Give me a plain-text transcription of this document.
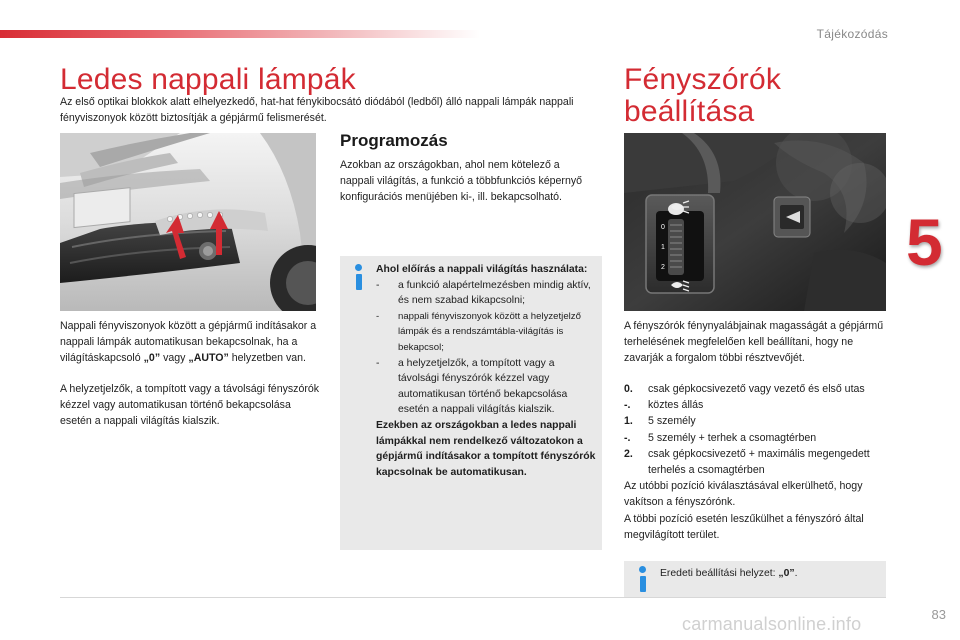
Tájékozódás
5
Ledes nappali lámpák

Az első optikai blokkok alatt elhelyezkedő, hat-hat fénykibocsátó diódából (ledből) álló nappali lámpák nappali fényviszonyok között biztosítják a gépjármű felismerését.

Nappali fényviszonyok között a gépjármű indításakor a nappali lámpák automatikusan bekapcsolnak, ha a világításkapcsoló „0” vagy „AUTO” helyzetben van.

A helyzetjelzők, a tompított vagy a távolsági fényszórók kézzel vagy automatikusan történő bekapcsolása esetén a nappali világítás kialszik.

Programozás

Azokban az országokban, ahol nem kötelező a nappali világítás, a funkció a többfunkciós képernyő konfigurációs menüjében ki-, ill. bekapcsolható.

Ahol előírás a nappali világítás használata:
- a funkció alapértelmezésben mindig aktív, és nem szabad kikapcsolni;
- nappali fényviszonyok között a helyzetjelző lámpák és a rendszámtábla-világítás is bekapcsol;
- a helyzetjelzők, a tompított vagy a távolsági fényszórók kézzel vagy automatikusan történő bekapcsolása esetén a nappali világítás kialszik.
Ezekben az országokban a ledes nappali lámpákkal nem rendelkező változatokon a gépjármű indításakor a tompított fényszórók kapcsolnak be automatikusan.
Fényszórók
beállítása
0
1
2

A fényszórók fénynyalábjainak magasságát a gépjármű terhelésének megfelelően kell beállítani, hogy ne zavarják a forgalom többi résztvevőjét.

0. csak gépkocsivezető vagy vezető és első utas
-. köztes állás
1. 5 személy
-. 5 személy + terhek a csomagtérben
2. csak gépkocsivezető + maximális megengedett terhelés a csomagtérben
Az utóbbi pozíció kiválasztásával elkerülhető, hogy vakítson a fényszórónk.
A többi pozíció esetén leszűkülhet a fényszóró által megvilágított terület.
Eredeti beállítási helyzet: „0”.
83
carmanualsonline.info
